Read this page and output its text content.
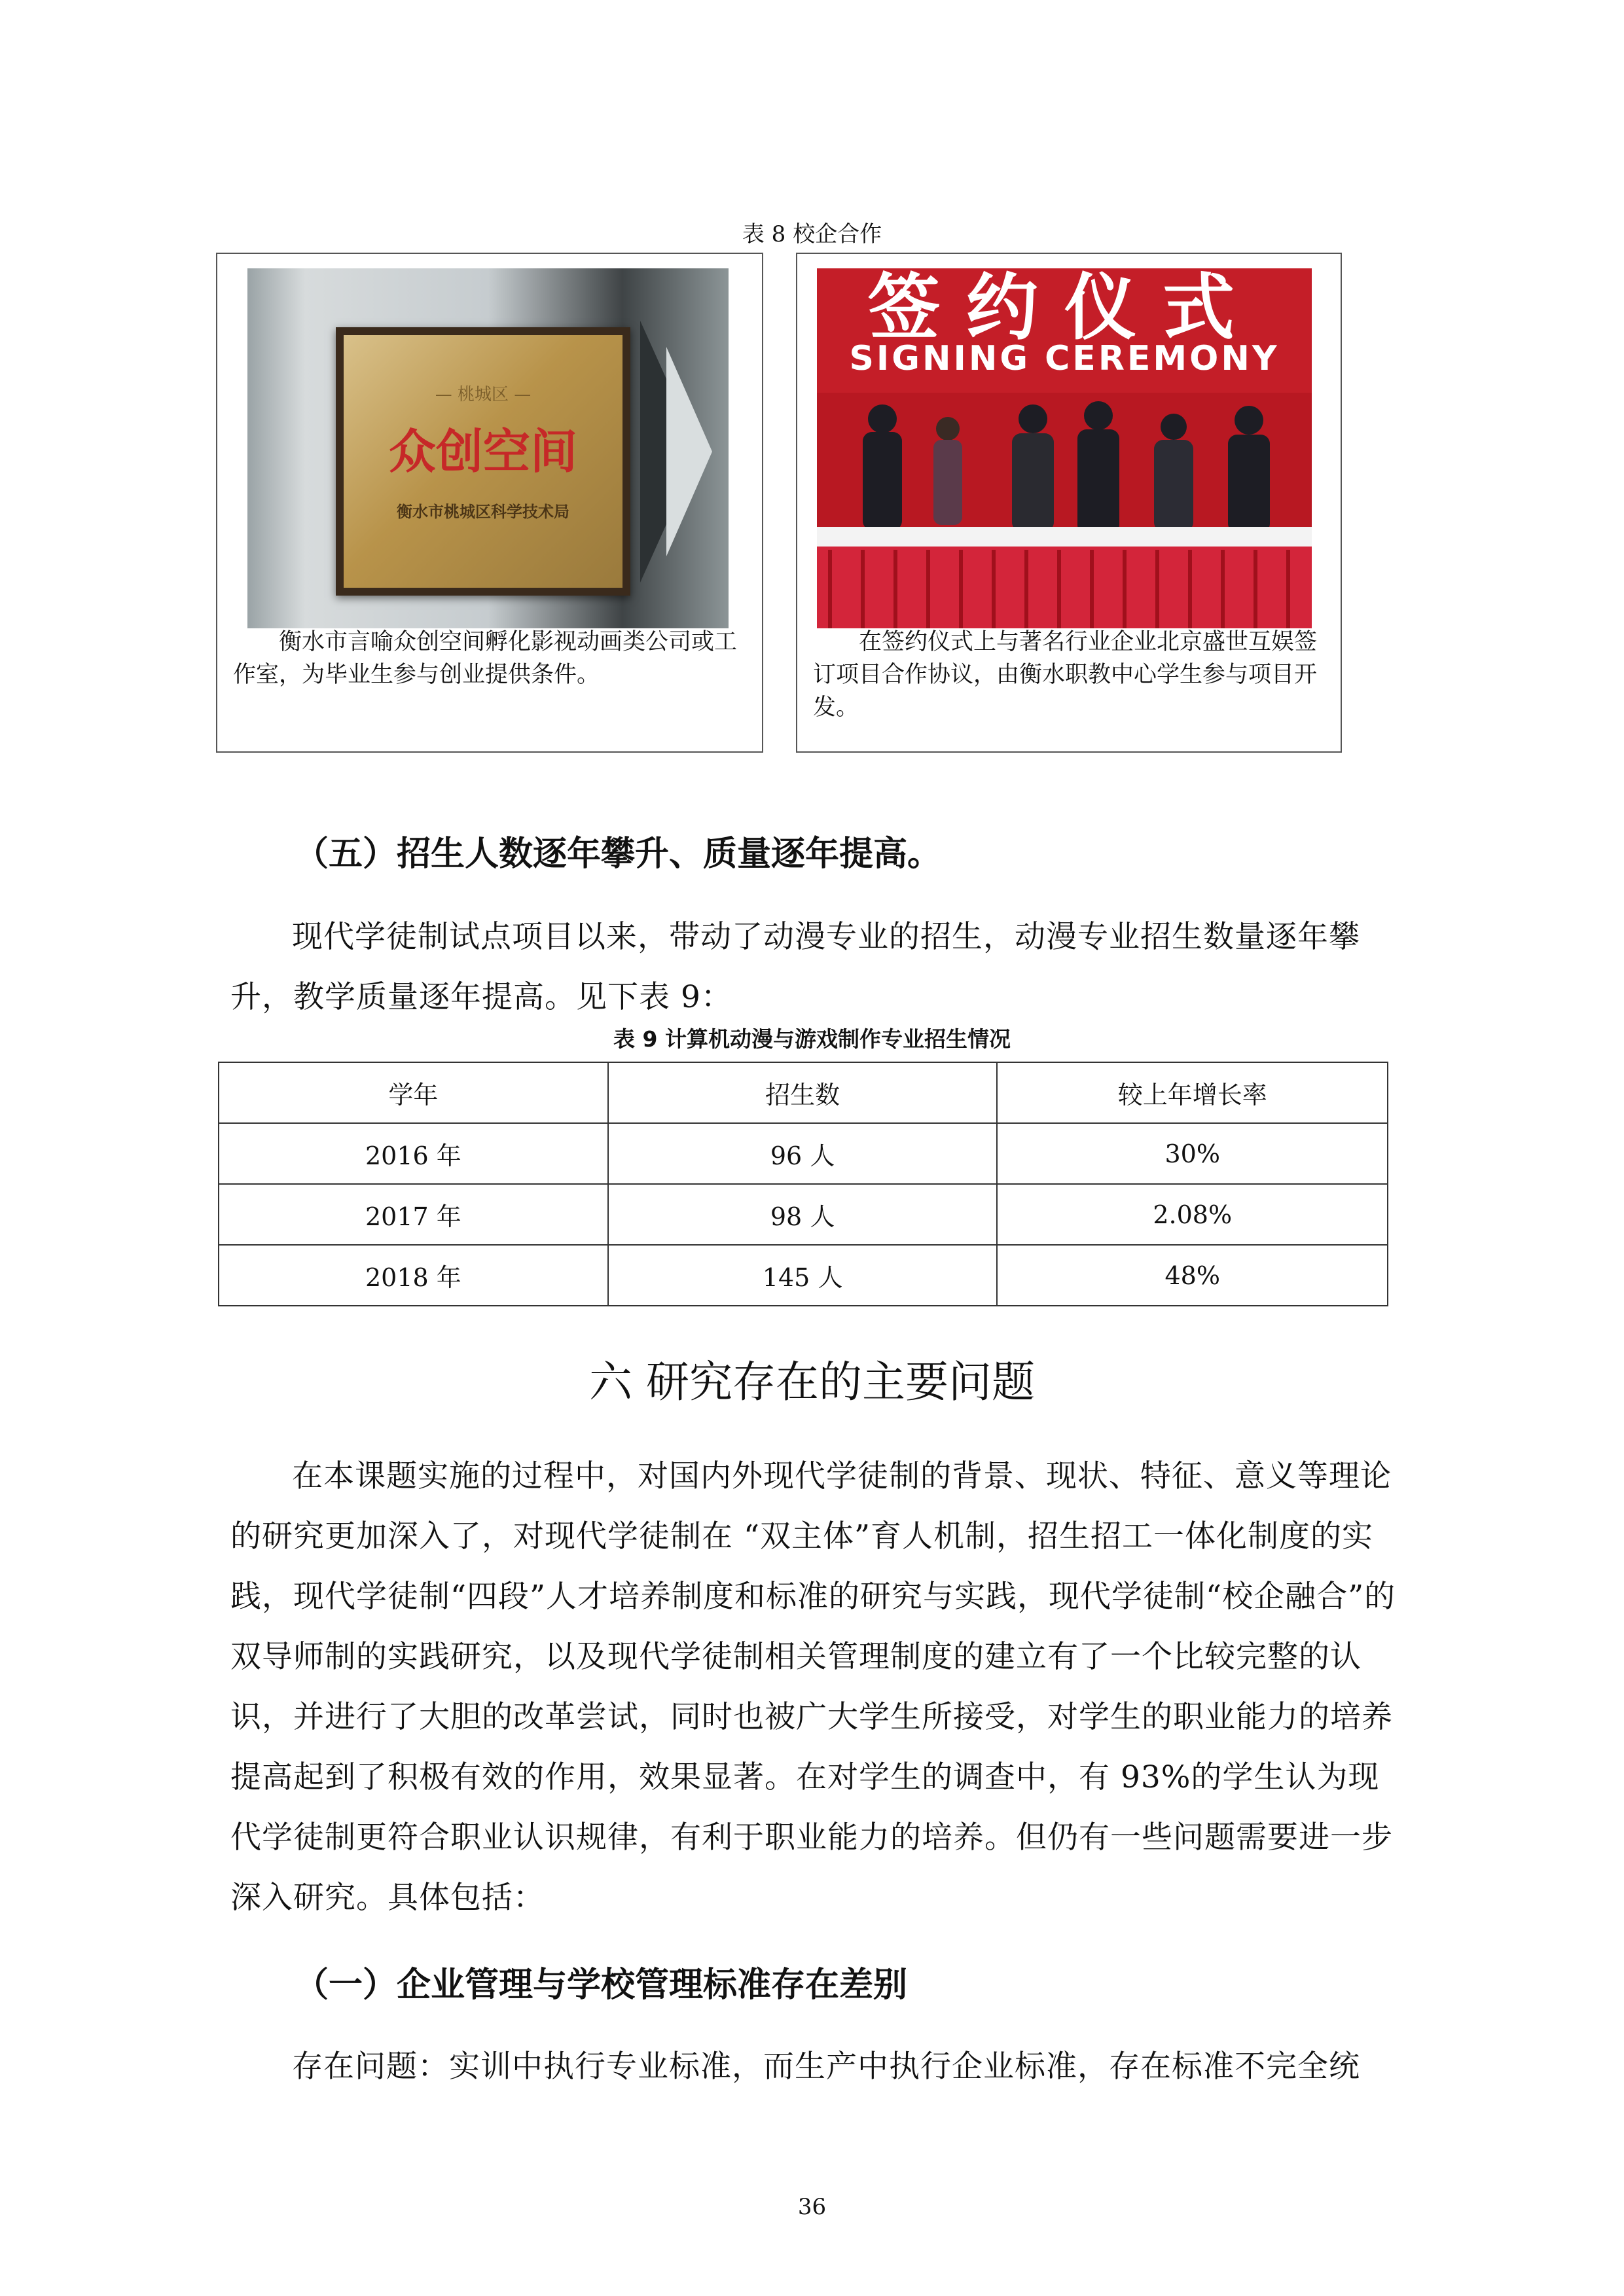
表 8 校企合作
— 桃城区 —
众创空间
衡水市桃城区科学技术局
衡水市言喻众创空间孵化影视动画类公司或工作室，为毕业生参与创业提供条件。
签约仪式
SIGNING CEREMONY
在签约仪式上与著名行业企业北京盛世互娱签订项目合作协议，由衡水职教中心学生参与项目开发。
（五）招生人数逐年攀升、质量逐年提高。
现代学徒制试点项目以来，带动了动漫专业的招生，动漫专业招生数量逐年攀升，教学质量逐年提高。见下表 9：
表 9 计算机动漫与游戏制作专业招生情况
学年	招生数	较上年增长率
2016 年	96 人	30%
2017 年	98 人	2.08%
2018 年	145 人	48%
六 研究存在的主要问题
在本课题实施的过程中，对国内外现代学徒制的背景、现状、特征、意义等理论的研究更加深入了，对现代学徒制在 “双主体”育人机制，招生招工一体化制度的实践，现代学徒制“四段”人才培养制度和标准的研究与实践，现代学徒制“校企融合”的双导师制的实践研究，以及现代学徒制相关管理制度的建立有了一个比较完整的认识，并进行了大胆的改革尝试，同时也被广大学生所接受，对学生的职业能力的培养提高起到了积极有效的作用，效果显著。在对学生的调查中，有 93%的学生认为现代学徒制更符合职业认识规律，有利于职业能力的培养。但仍有一些问题需要进一步深入研究。具体包括：
（一）企业管理与学校管理标准存在差别
存在问题：实训中执行专业标准，而生产中执行企业标准，存在标准不完全统
36
